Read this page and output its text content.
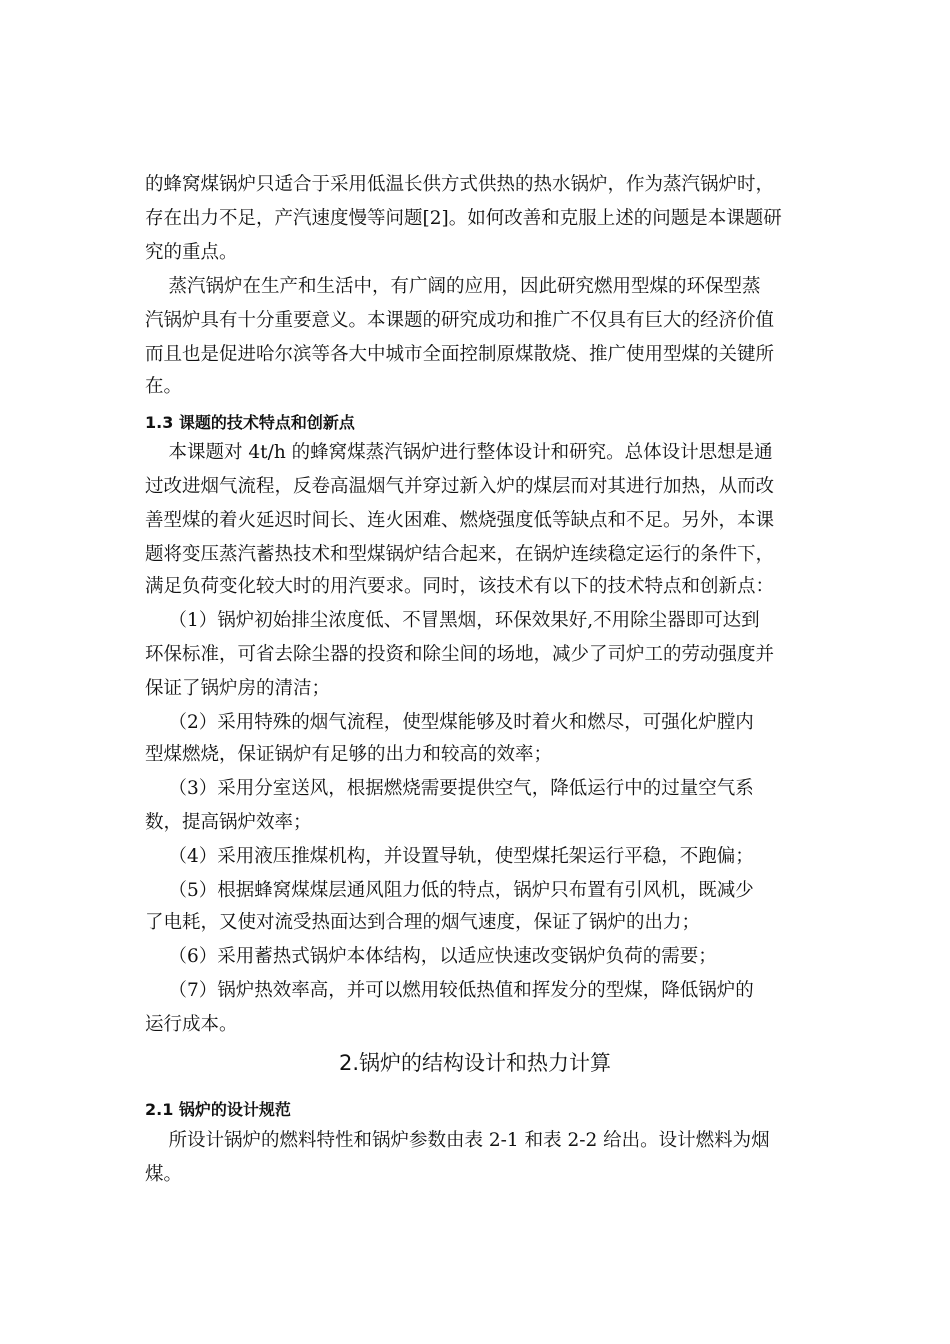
的蜂窝煤锅炉只适合于采用低温长供方式供热的热水锅炉，作为蒸汽锅炉时，
存在出力不足，产汽速度慢等问题[2]。如何改善和克服上述的问题是本课题研
究的重点。
蒸汽锅炉在生产和生活中，有广阔的应用，因此研究燃用型煤的环保型蒸
汽锅炉具有十分重要意义。本课题的研究成功和推广不仅具有巨大的经济价值
而且也是促进哈尔滨等各大中城市全面控制原煤散烧、推广使用型煤的关键所
在。
1.3 课题的技术特点和创新点
本课题对 4t/h 的蜂窝煤蒸汽锅炉进行整体设计和研究。总体设计思想是通
过改进烟气流程，反卷高温烟气并穿过新入炉的煤层而对其进行加热，从而改
善型煤的着火延迟时间长、连火困难、燃烧强度低等缺点和不足。另外，本课
题将变压蒸汽蓄热技术和型煤锅炉结合起来，在锅炉连续稳定运行的条件下，
满足负荷变化较大时的用汽要求。同时，该技术有以下的技术特点和创新点：
（1）锅炉初始排尘浓度低、不冒黑烟，环保效果好,不用除尘器即可达到
环保标准，可省去除尘器的投资和除尘间的场地，减少了司炉工的劳动强度并
保证了锅炉房的清洁；
（2）采用特殊的烟气流程，使型煤能够及时着火和燃尽，可强化炉膛内
型煤燃烧，保证锅炉有足够的出力和较高的效率；
（3）采用分室送风，根据燃烧需要提供空气，降低运行中的过量空气系
数，提高锅炉效率；
（4）采用液压推煤机构，并设置导轨，使型煤托架运行平稳，不跑偏；
（5）根据蜂窝煤煤层通风阻力低的特点，锅炉只布置有引风机，既减少
了电耗，又使对流受热面达到合理的烟气速度，保证了锅炉的出力；
（6）采用蓄热式锅炉本体结构，以适应快速改变锅炉负荷的需要；
（7）锅炉热效率高，并可以燃用较低热值和挥发分的型煤，降低锅炉的
运行成本。
2.锅炉的结构设计和热力计算
2.1 锅炉的设计规范
所设计锅炉的燃料特性和锅炉参数由表 2-1 和表 2-2 给出。设计燃料为烟
煤。
